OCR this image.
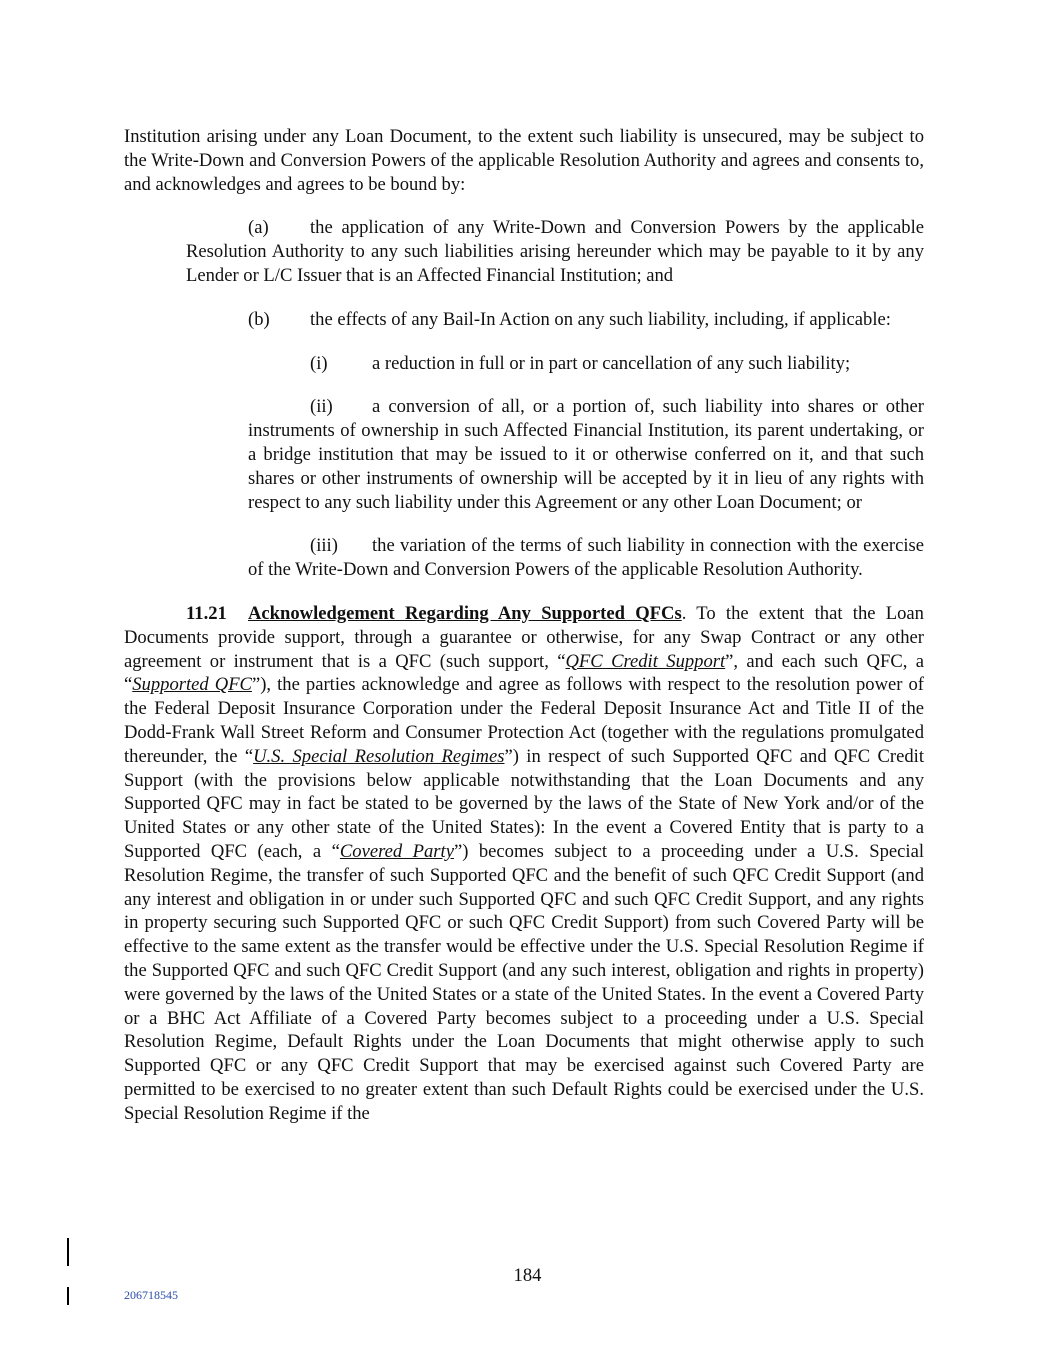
Institution arising under any Loan Document, to the extent such liability is unsecured, may be subject to the Write-Down and Conversion Powers of the applicable Resolution Authority and agrees and consents to, and acknowledges and agrees to be bound by:

(a) the application of any Write-Down and Conversion Powers by the applicable Resolution Authority to any such liabilities arising hereunder which may be payable to it by any Lender or L/C Issuer that is an Affected Financial Institution; and

(b) the effects of any Bail-In Action on any such liability, including, if applicable:

(i) a reduction in full or in part or cancellation of any such liability;

(ii) a conversion of all, or a portion of, such liability into shares or other instruments of ownership in such Affected Financial Institution, its parent undertaking, or a bridge institution that may be issued to it or otherwise conferred on it, and that such shares or other instruments of ownership will be accepted by it in lieu of any rights with respect to any such liability under this Agreement or any other Loan Document; or

(iii) the variation of the terms of such liability in connection with the exercise of the Write-Down and Conversion Powers of the applicable Resolution Authority.

11.21 Acknowledgement Regarding Any Supported QFCs. To the extent that the Loan Documents provide support, through a guarantee or otherwise, for any Swap Contract or any other agreement or instrument that is a QFC (such support, “QFC Credit Support”, and each such QFC, a “Supported QFC”), the parties acknowledge and agree as follows with respect to the resolution power of the Federal Deposit Insurance Corporation under the Federal Deposit Insurance Act and Title II of the Dodd-Frank Wall Street Reform and Consumer Protection Act (together with the regulations promulgated thereunder, the “U.S. Special Resolution Regimes”) in respect of such Supported QFC and QFC Credit Support (with the provisions below applicable notwithstanding that the Loan Documents and any Supported QFC may in fact be stated to be governed by the laws of the State of New York and/or of the United States or any other state of the United States): In the event a Covered Entity that is party to a Supported QFC (each, a “Covered Party”) becomes subject to a proceeding under a U.S. Special Resolution Regime, the transfer of such Supported QFC and the benefit of such QFC Credit Support (and any interest and obligation in or under such Supported QFC and such QFC Credit Support, and any rights in property securing such Supported QFC or such QFC Credit Support) from such Covered Party will be effective to the same extent as the transfer would be effective under the U.S. Special Resolution Regime if the Supported QFC and such QFC Credit Support (and any such interest, obligation and rights in property) were governed by the laws of the United States or a state of the United States. In the event a Covered Party or a BHC Act Affiliate of a Covered Party becomes subject to a proceeding under a U.S. Special Resolution Regime, Default Rights under the Loan Documents that might otherwise apply to such Supported QFC or any QFC Credit Support that may be exercised against such Covered Party are permitted to be exercised to no greater extent than such Default Rights could be exercised under the U.S. Special Resolution Regime if the

184
206718545
